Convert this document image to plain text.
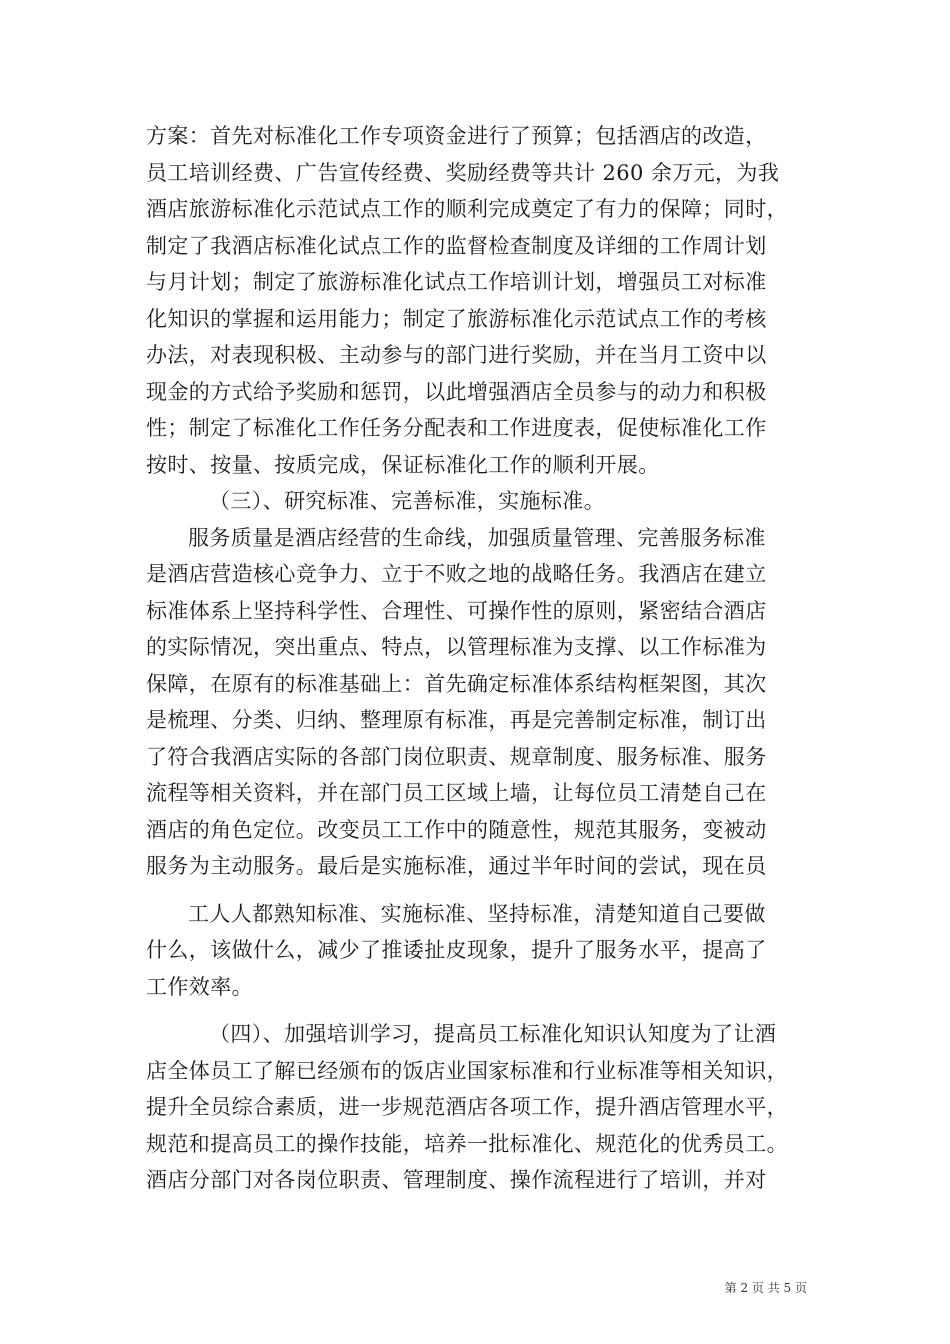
方案：首先对标准化工作专项资金进行了预算；包括酒店的改造，
员工培训经费、广告宣传经费、奖励经费等共计 260 余万元，为我
酒店旅游标准化示范试点工作的顺利完成奠定了有力的保障；同时，
制定了我酒店标准化试点工作的监督检查制度及详细的工作周计划
与月计划；制定了旅游标准化试点工作培训计划，增强员工对标准
化知识的掌握和运用能力；制定了旅游标准化示范试点工作的考核
办法，对表现积极、主动参与的部门进行奖励，并在当月工资中以
现金的方式给予奖励和惩罚，以此增强酒店全员参与的动力和积极
性；制定了标准化工作任务分配表和工作进度表，促使标准化工作
按时、按量、按质完成，保证标准化工作的顺利开展。

（三）、研究标准、完善标准，实施标准。

服务质量是酒店经营的生命线，加强质量管理、完善服务标准
是酒店营造核心竞争力、立于不败之地的战略任务。我酒店在建立
标准体系上坚持科学性、合理性、可操作性的原则，紧密结合酒店
的实际情况，突出重点、特点，以管理标准为支撑、以工作标准为
保障，在原有的标准基础上：首先确定标准体系结构框架图，其次
是梳理、分类、归纳、整理原有标准，再是完善制定标准，制订出
了符合我酒店实际的各部门岗位职责、规章制度、服务标准、服务
流程等相关资料，并在部门员工区域上墙，让每位员工清楚自己在
酒店的角色定位。改变员工工作中的随意性，规范其服务，变被动
服务为主动服务。最后是实施标准，通过半年时间的尝试，现在员

工人人都熟知标准、实施标准、坚持标准，清楚知道自己要做
什么，该做什么，减少了推诿扯皮现象，提升了服务水平，提高了
工作效率。

（四）、加强培训学习，提高员工标准化知识认知度为了让酒
店全体员工了解已经颁布的饭店业国家标准和行业标准等相关知识，
提升全员综合素质，进一步规范酒店各项工作，提升酒店管理水平，
规范和提高员工的操作技能，培养一批标准化、规范化的优秀员工。
酒店分部门对各岗位职责、管理制度、操作流程进行了培训，并对

第 2 页 共 5 页
